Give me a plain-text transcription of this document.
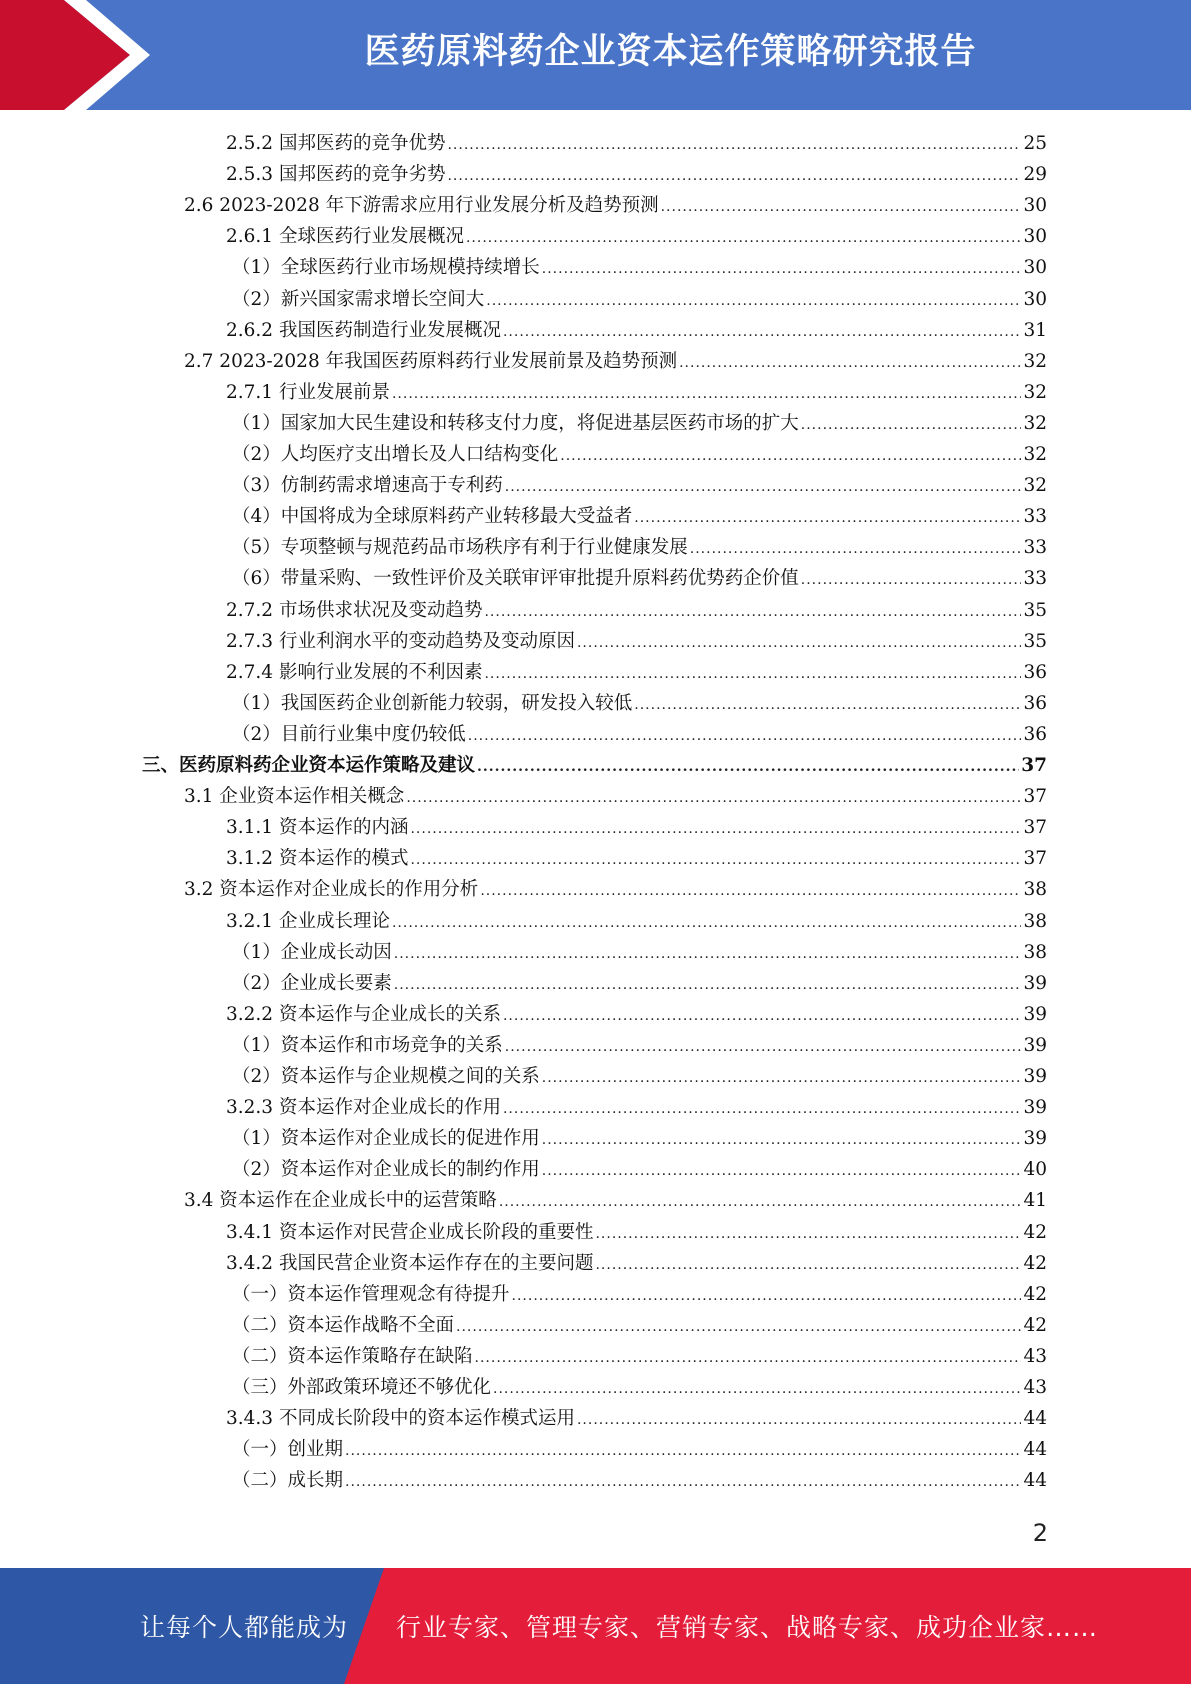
医药原料药企业资本运作策略研究报告
2.5.2 国邦医药的竞争优势 .....	25
2.5.3 国邦医药的竞争劣势 .....	29
2.6 2023-2028 年下游需求应用行业发展分析及趋势预测 .....	30
2.6.1 全球医药行业发展概况 .....	30
（1）全球医药行业市场规模持续增长 .....	30
（2）新兴国家需求增长空间大 .....	30
2.6.2 我国医药制造行业发展概况 .....	31
2.7 2023-2028 年我国医药原料药行业发展前景及趋势预测 .....	32
2.7.1 行业发展前景 .....	32
（1）国家加大民生建设和转移支付力度，将促进基层医药市场的扩大 .....	32
（2）人均医疗支出增长及人口结构变化 .....	32
（3）仿制药需求增速高于专利药 .....	32
（4）中国将成为全球原料药产业转移最大受益者 .....	33
（5）专项整顿与规范药品市场秩序有利于行业健康发展 .....	33
（6）带量采购、一致性评价及关联审评审批提升原料药优势药企价值 .....	33
2.7.2 市场供求状况及变动趋势 .....	35
2.7.3 行业利润水平的变动趋势及变动原因 .....	35
2.7.4 影响行业发展的不利因素 .....	36
（1）我国医药企业创新能力较弱，研发投入较低 .....	36
（2）目前行业集中度仍较低 .....	36
三、医药原料药企业资本运作策略及建议 .....	37
3.1 企业资本运作相关概念 .....	37
3.1.1 资本运作的内涵 .....	37
3.1.2 资本运作的模式 .....	37
3.2 资本运作对企业成长的作用分析 .....	38
3.2.1 企业成长理论 .....	38
（1）企业成长动因 .....	38
（2）企业成长要素 .....	39
3.2.2 资本运作与企业成长的关系 .....	39
（1）资本运作和市场竞争的关系 .....	39
（2）资本运作与企业规模之间的关系 .....	39
3.2.3 资本运作对企业成长的作用 .....	39
（1）资本运作对企业成长的促进作用 .....	39
（2）资本运作对企业成长的制约作用 .....	40
3.4 资本运作在企业成长中的运营策略 .....	41
3.4.1 资本运作对民营企业成长阶段的重要性 .....	42
3.4.2 我国民营企业资本运作存在的主要问题 .....	42
（一）资本运作管理观念有待提升 .....	42
（二）资本运作战略不全面 .....	42
（二）资本运作策略存在缺陷 .....	43
（三）外部政策环境还不够优化 .....	43
3.4.3 不同成长阶段中的资本运作模式运用 .....	44
（一）创业期 .....	44
（二）成长期 .....	44
2
让每个人都能成为 行业专家、管理专家、营销专家、战略专家、成功企业家……
